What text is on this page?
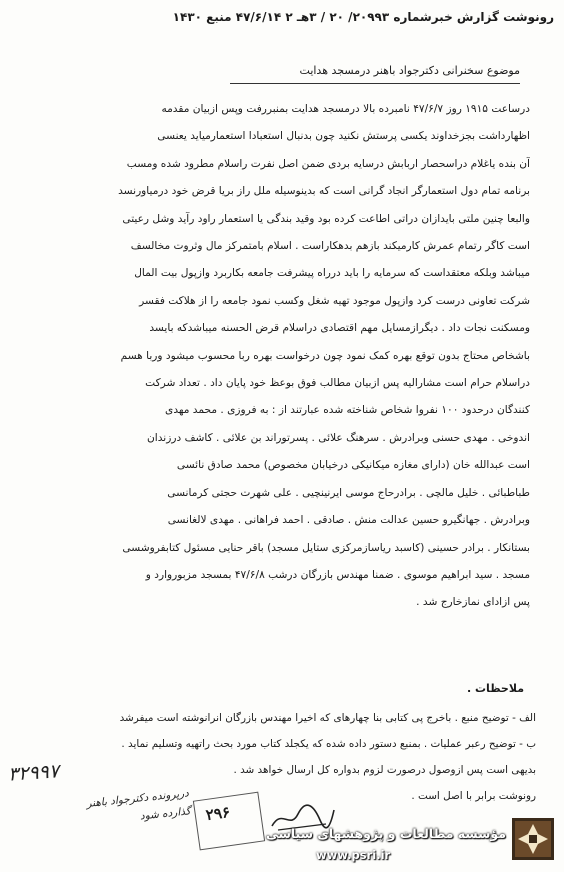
رونوشت گزارش خبرشماره ۲۰۹۹۳‍/ ۲۰ ‍/ ۳هـ ۲ ‍‍۴۷/۶/۱۴ منبع ۱۴۳۰
موضوع سخنرانی دکترجواد باهنر درمسجد هدایت
درساعت ۱۹۱۵ روز ۴۷/۶/۷ نامبرده بالا درمسجد هدایت بمنبررفت وپس ازبیان مقدمه
اظهارداشت بجزخداوند یکسی پرستش نکنید چون بدنبال استعبادا استعمارمیاید یعنسی
آن بنده یاغلام دراسحصار اربابش درسایه بردی ضمن اصل نفرت راسلام مطرود شده ومسب
برنامه تمام دول استعمارگر انجاد گرانی است که بدینوسیله ملل راز بریا قرض خود درمیاورنسد
والبعا چنین ملتی بایدازان دراتی اطاعت کرده بود وقید بندگی یا استعمار راود رآید وشل رعیتی
است کاگر رتمام عمرش کارمیکند بازهم بدهکاراست . اسلام بامتمرکز مال وثروت مخالسف
میباشد وبلکه معتقداست که سرمایه را باید درراه پیشرفت جامعه بکاربرد وازپول بیت المال
شرکت تعاونی درست کرد وازپول موجود تهیه شغل وکسب نمود جامعه را از هلاکت فقسر
ومسکنت نجات داد . دیگرازمسایل مهم اقتصادی دراسلام قرض الحسنه میباشدکه بایسد
باشخاص محتاج بدون توقع بهره کمک نمود چون درخواست بهره ربا محسوب میشود وربا هسم
دراسلام حرام است مشارالیه پس ازبیان مطالب فوق بوعظ خود پایان داد . تعداد شرکت
کنندگان درحدود ۱۰۰ نفروا شخاص شناخته شده عبارتند از : به فروزی . محمد مهدی
اندوخی . مهدی حسنی وبرادرش . سرهنگ علائی . پسرتوراند بن علائی . کاشف درزندان
است عبدالله خان (دارای مغازه میکانیکی درخیابان مخصوص) محمد صادق نائسی
طباطبائی . خلیل مالچی . برادرحاج موسی ایرنینچیی . علی شهرت حجتی کرمانسی
وبرادرش . جهانگیرو حسین عدالت منش . صادقی . احمد فراهانی . مهدی لالغانسی
بستانکار . برادر حسینی (کاسبد ریاسازمرکزی ستایل مسجد) باقر حنایی مسئول کتابفروشسی
مسجد . سید ابراهیم موسوی . ضمنا مهندس بازرگان درشب ۴۷/۶/۸ بمسجد مزبوروارد و
پس ازادای نمازخارج شد .
ملاحظات .
الف - توضیح منبع . باخرج پی کتابی بنا چهارهای که اخیرا مهندس بازرگان انرانوشته است میفرشد
ب - توضیح رعبر عملیات . بمنبع دستور داده شده که یکجلد کتاب مورد بحث راتهیه وتسلیم نماید .
بدیهی است پس ازوصول درصورت لزوم بدواره کل ارسال خواهد شد .
رونوشت برابر با اصل است .
۳۲۹۹۷
درپرونده دکترجواد باهنر گذارده شود ۲۹۶
مؤسسه مطالعات و پژوهشهای سیاسی
www.psri.ir
